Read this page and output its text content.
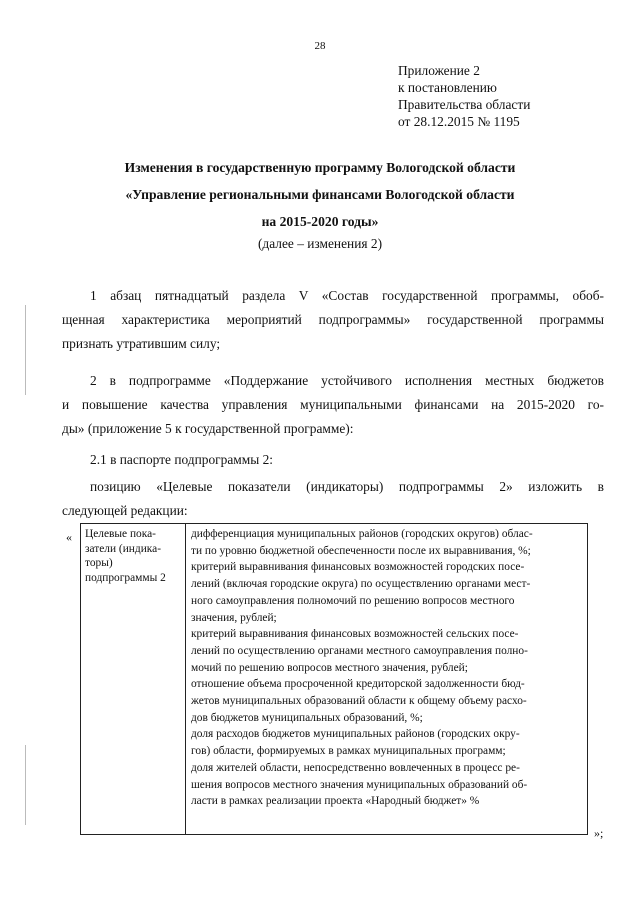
28
Приложение 2
к постановлению
Правительства области
от 28.12.2015 № 1195
Изменения в государственную программу Вологодской области
«Управление региональными финансами Вологодской области
на 2015-2020 годы»
(далее – изменения 2)
1 абзац пятнадцатый раздела V «Состав государственной программы, обоб-
щенная характеристика мероприятий подпрограммы» государственной программы
признать утратившим силу;
2 в подпрограмме «Поддержание устойчивого исполнения местных бюджетов
и повышение качества управления муниципальными финансами на 2015-2020 го-
ды» (приложение 5 к государственной программе):
2.1 в паспорте подпрограммы 2:
позицию «Целевые показатели (индикаторы) подпрограммы 2» изложить в
следующей редакции:
« Целевые пока-
затели (индика-
торы)
подпрограммы 2
дифференциация муниципальных районов (городских округов) облас-
ти по уровню бюджетной обеспеченности после их выравнивания, %;
критерий выравнивания финансовых возможностей городских посе-
лений (включая городские округа) по осуществлению органами мест-
ного самоуправления полномочий по решению вопросов местного
значения, рублей;
критерий выравнивания финансовых возможностей сельских посе-
лений по осуществлению органами местного самоуправления полно-
мочий по решению вопросов местного значения, рублей;
отношение объема просроченной кредиторской задолженности бюд-
жетов муниципальных образований области к общему объему расхо-
дов бюджетов муниципальных образований, %;
доля расходов бюджетов муниципальных районов (городских окру-
гов) области, формируемых в рамках муниципальных программ;
доля жителей области, непосредственно вовлеченных в процесс ре-
шения вопросов местного значения муниципальных образований об-
ласти в рамках реализации проекта «Народный бюджет» %
»;
